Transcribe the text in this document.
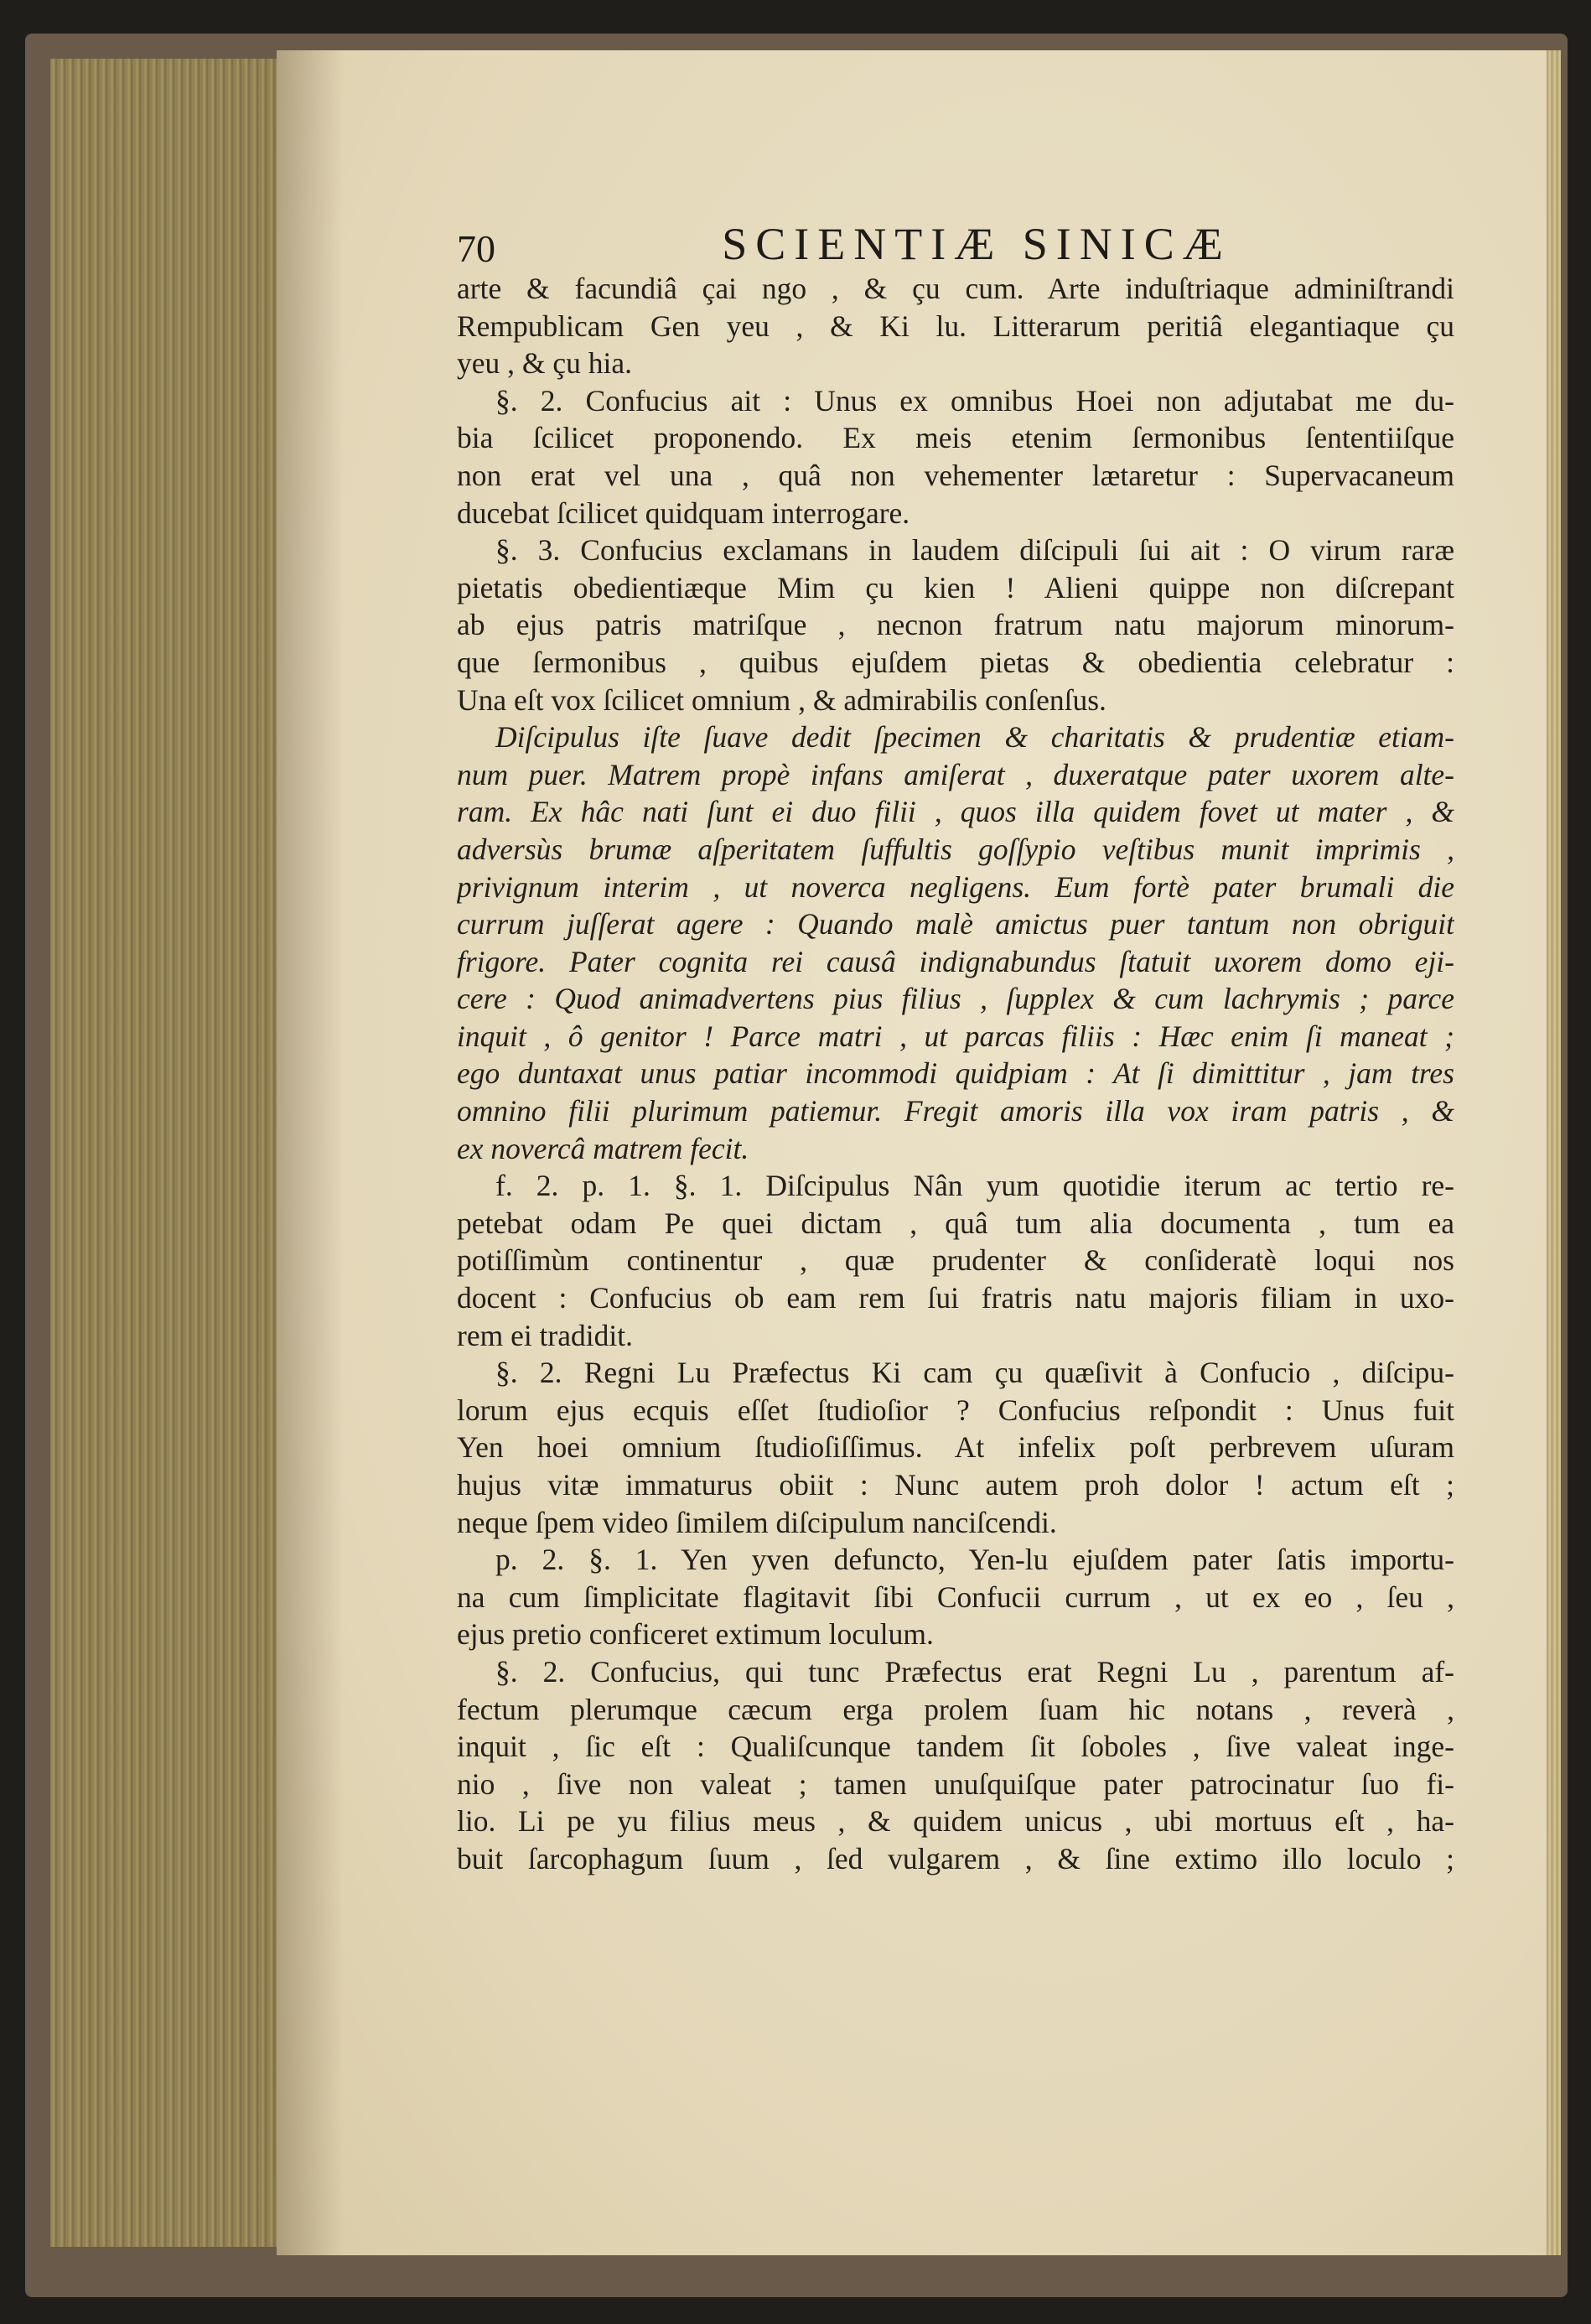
70	SCIENTIÆ SINICÆ
arte & facundiâ çai ngo , & çu cum. Arte induſtriaque adminiſtrandi
Rempublicam Gen yeu , & Ki lu. Litterarum peritiâ elegantiaque çu
yeu , & çu hia.
§. 2. Confucius ait : Unus ex omnibus Hoei non adjutabat me du-
bia ſcilicet proponendo. Ex meis etenim ſermonibus ſententiiſque
non erat vel una , quâ non vehementer lætaretur : Supervacaneum
ducebat ſcilicet quidquam interrogare.
§. 3. Confucius exclamans in laudem diſcipuli ſui ait : O virum raræ
pietatis obedientiæque Mim çu kien ! Alieni quippe non diſcrepant
ab ejus patris matriſque , necnon fratrum natu majorum minorum-
que ſermonibus , quibus ejuſdem pietas & obedientia celebratur :
Una eſt vox ſcilicet omnium , & admirabilis conſenſus.
Diſcipulus iſte ſuave dedit ſpecimen & charitatis & prudentiæ etiam-
num puer. Matrem propè infans amiſerat , duxeratque pater uxorem alte-
ram. Ex hâc nati ſunt ei duo filii , quos illa quidem fovet ut mater , &
adversùs brumæ aſperitatem ſuffultis goſſypio veſtibus munit imprimis ,
privignum interim , ut noverca negligens. Eum fortè pater brumali die
currum juſſerat agere : Quando malè amictus puer tantum non obriguit
frigore. Pater cognita rei causâ indignabundus ſtatuit uxorem domo eji-
cere : Quod animadvertens pius filius , ſupplex & cum lachrymis ; parce
inquit , ô genitor ! Parce matri , ut parcas filiis : Hæc enim ſi maneat ;
ego duntaxat unus patiar incommodi quidpiam : At ſi dimittitur , jam tres
omnino filii plurimum patiemur. Fregit amoris illa vox iram patris , &
ex novercâ matrem fecit.
f. 2. p. 1. §. 1. Diſcipulus Nân yum quotidie iterum ac tertio re-
petebat odam Pe quei dictam , quâ tum alia documenta , tum ea
potiſſimùm continentur , quæ prudenter & conſideratè loqui nos
docent : Confucius ob eam rem ſui fratris natu majoris filiam in uxo-
rem ei tradidit.
§. 2. Regni Lu Præfectus Ki cam çu quæſivit à Confucio , diſcipu-
lorum ejus ecquis eſſet ſtudioſior ? Confucius reſpondit : Unus fuit
Yen hoei omnium ſtudioſiſſimus. At infelix poſt perbrevem uſuram
hujus vitæ immaturus obiit : Nunc autem proh dolor ! actum eſt ;
neque ſpem video ſimilem diſcipulum nanciſcendi.
p. 2. §. 1. Yen yven defuncto, Yen-lu ejuſdem pater ſatis importu-
na cum ſimplicitate flagitavit ſibi Confucii currum , ut ex eo , ſeu ,
ejus pretio conficeret extimum loculum.
§. 2. Confucius, qui tunc Præfectus erat Regni Lu , parentum af-
fectum plerumque cæcum erga prolem ſuam hic notans , reverà ,
inquit , ſic eſt : Qualiſcunque tandem ſit ſoboles , ſive valeat inge-
nio , ſive non valeat ; tamen unuſquiſque pater patrocinatur ſuo fi-
lio. Li pe yu filius meus , & quidem unicus , ubi mortuus eſt , ha-
buit ſarcophagum ſuum , ſed vulgarem , & ſine extimo illo loculo ;
